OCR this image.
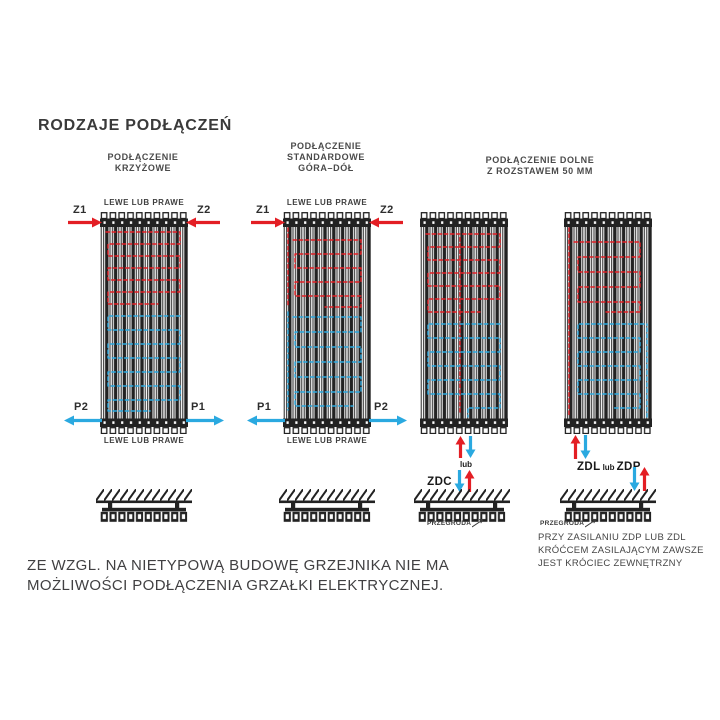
RODZAJE PODŁĄCZEŃ
PODŁĄCZENIE
KRZYŻOWE
PODŁĄCZENIE
STANDARDOWE
GÓRA–DÓŁ
PODŁĄCZENIE DOLNE
Z ROZSTAWEM 50 MM
LEWE LUB PRAWE
Z1	Z2
P2	P1
LEWE LUB PRAWE
LEWE LUB PRAWE
Z1	Z2
P1	P2
LEWE LUB PRAWE
lub
ZDC
PRZEGRODA
ZDL lub ZDP
PRZEGRODA
PRZY ZASILANIU ZDP LUB ZDL
KRÓĆCEM ZASILAJĄCYM ZAWSZE
JEST KRÓCIEC ZEWNĘTRZNY
ZE WZGL. NA NIETYPOWĄ BUDOWĘ GRZEJNIKA NIE MA
MOŻLIWOŚCI PODŁĄCZENIA GRZAŁKI ELEKTRYCZNEJ.
